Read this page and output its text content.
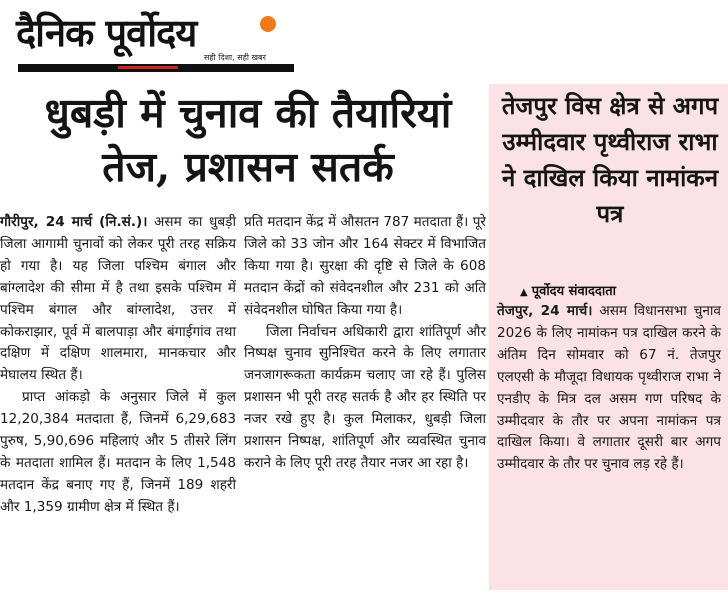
दैनिक पूर्वोदय
सही दिशा, सही खबर
धुबड़ी में चुनाव की तैयारियां
तेज, प्रशासन सतर्क

गौरीपुर, 24 मार्च (नि.सं.)। असम का धुबड़ी जिला आगामी चुनावों को लेकर पूरी तरह सक्रिय हो गया है। यह जिला पश्चिम बंगाल और बांग्लादेश की सीमा में है तथा इसके पश्चिम में पश्चिम बंगाल और बांग्लादेश, उत्तर में कोकराझार, पूर्व में बालपाड़ा और बंगाईगांव तथा दक्षिण में दक्षिण शालमारा, मानकचार और मेघालय स्थित हैं।

प्राप्त आंकड़ो के अनुसार जिले में कुल 12,20,384 मतदाता हैं, जिनमें 6,29,683 पुरुष, 5,90,696 महिलाएं और 5 तीसरे लिंग के मतदाता शामिल हैं। मतदान के लिए 1,548 मतदान केंद्र बनाए गए हैं, जिनमें 189 शहरी और 1,359 ग्रामीण क्षेत्र में स्थित हैं।

प्रति मतदान केंद्र में औसतन 787 मतदाता हैं। पूरे जिले को 33 जोन और 164 सेक्टर में विभाजित किया गया है। सुरक्षा की दृष्टि से जिले के 608 मतदान केंद्रों को संवेदनशील और 231 को अति संवेदनशील घोषित किया गया है।

जिला निर्वाचन अधिकारी द्वारा शांतिपूर्ण और निष्पक्ष चुनाव सुनिश्चित करने के लिए लगातार जनजागरूकता कार्यक्रम चलाए जा रहे हैं। पुलिस प्रशासन भी पूरी तरह सतर्क है और हर स्थिति पर नजर रखे हुए है। कुल मिलाकर, धुबड़ी जिला प्रशासन निष्पक्ष, शांतिपूर्ण और व्यवस्थित चुनाव कराने के लिए पूरी तरह तैयार नजर आ रहा है।

तेजपुर विस क्षेत्र से अगप उम्मीदवार पृथ्वीराज राभा ने दाखिल किया नामांकन पत्र
▲ पूर्वोदय संवाददाता

तेजपुर, 24 मार्च। असम विधानसभा चुनाव 2026 के लिए नामांकन पत्र दाखिल करने के अंतिम दिन सोमवार को 67 नं. तेजपुर एलएसी के मौजूदा विधायक पृथ्वीराज राभा ने एनडीए के मित्र दल असम गण परिषद के उम्मीदवार के तौर पर अपना नामांकन पत्र दाखिल किया। वे लगातार दूसरी बार अगप उम्मीदवार के तौर पर चुनाव लड़ रहे हैं।
